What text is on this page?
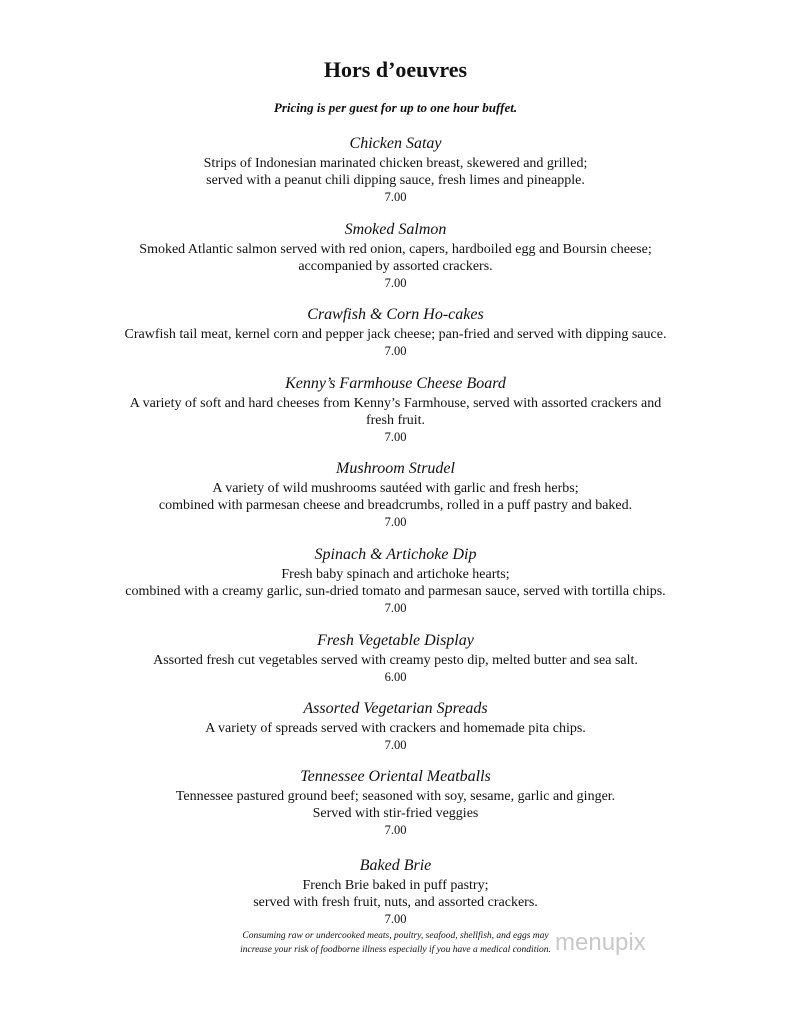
Hors d’oeuvres
Pricing is per guest for up to one hour buffet.
Chicken Satay
Strips of Indonesian marinated chicken breast, skewered and grilled;
served with a peanut chili dipping sauce, fresh limes and pineapple.
7.00
Smoked Salmon
Smoked Atlantic salmon served with red onion, capers, hardboiled egg and Boursin cheese;
accompanied by assorted crackers.
7.00
Crawfish & Corn Ho-cakes
Crawfish tail meat, kernel corn and pepper jack cheese; pan-fried and served with dipping sauce.
7.00
Kenny’s Farmhouse Cheese Board
A variety of soft and hard cheeses from Kenny’s Farmhouse, served with assorted crackers and
fresh fruit.
7.00
Mushroom Strudel
A variety of wild mushrooms sautéed with garlic and fresh herbs;
combined with parmesan cheese and breadcrumbs, rolled in a puff pastry and baked.
7.00
Spinach & Artichoke Dip
Fresh baby spinach and artichoke hearts;
combined with a creamy garlic, sun-dried tomato and parmesan sauce, served with tortilla chips.
7.00
Fresh Vegetable Display
Assorted fresh cut vegetables served with creamy pesto dip, melted butter and sea salt.
6.00
Assorted Vegetarian Spreads
A variety of spreads served with crackers and homemade pita chips.
7.00
Tennessee Oriental Meatballs
Tennessee pastured ground beef; seasoned with soy, sesame, garlic and ginger.
Served with stir-fried veggies
7.00
Baked Brie
French Brie baked in puff pastry;
served with fresh fruit, nuts, and assorted crackers.
7.00
Consuming raw or undercooked meats, poultry, seafood, shellfish, and eggs may
increase your risk of foodborne illness especially if you have a medical condition. menupix
